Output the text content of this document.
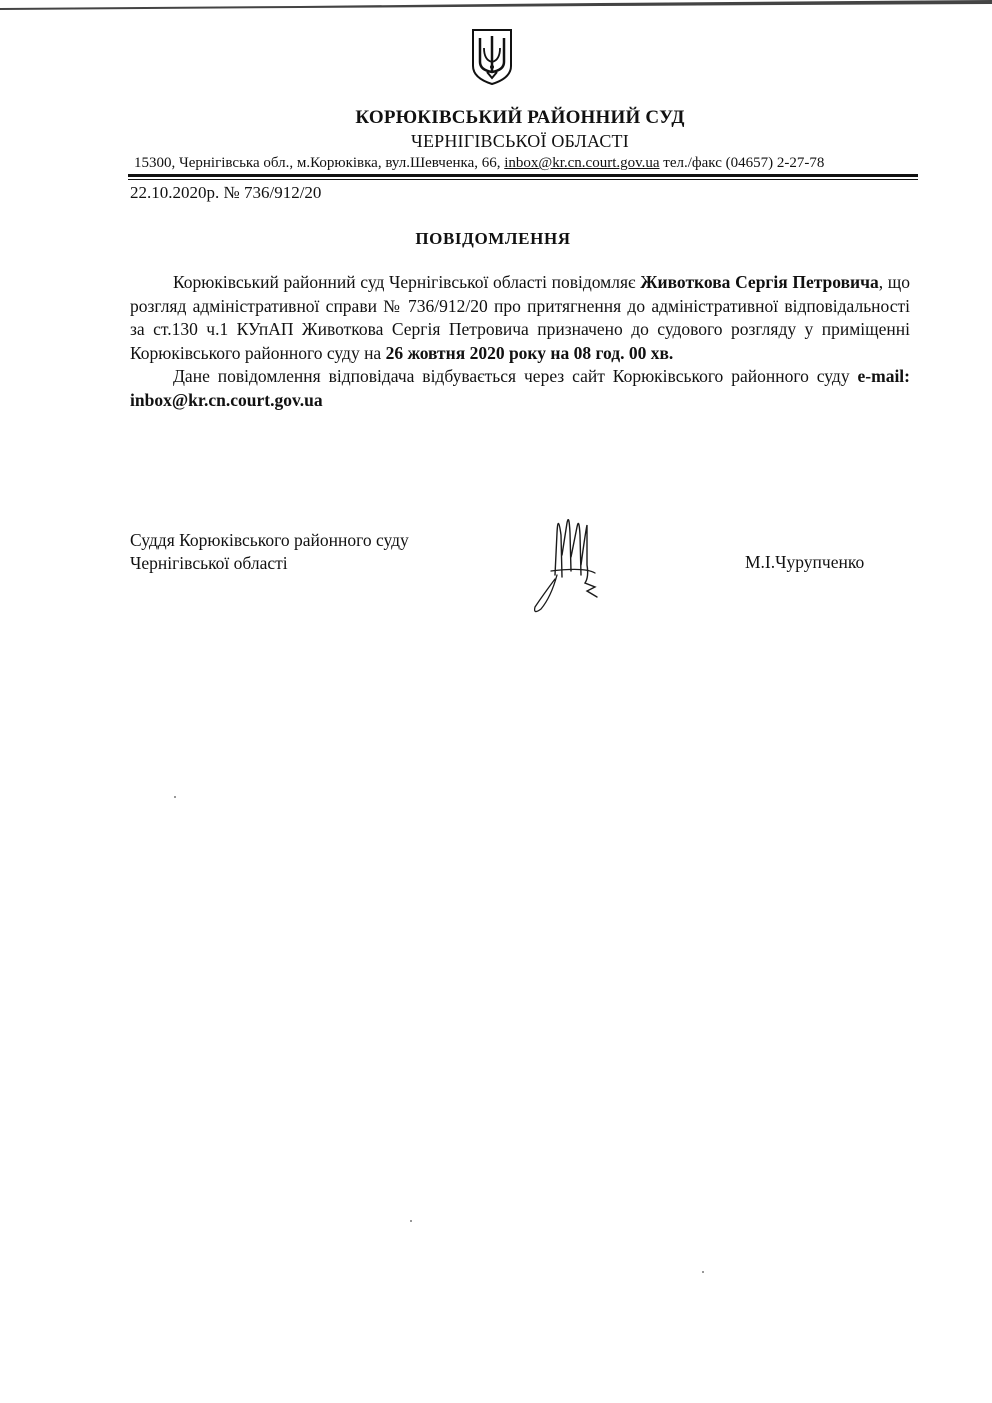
КОРЮКІВСЬКИЙ РАЙОННИЙ СУД
ЧЕРНІГІВСЬКОЇ ОБЛАСТІ
15300, Чернігівська обл., м.Корюківка, вул.Шевченка, 66, inbox@kr.cn.court.gov.ua тел./факс (04657) 2-27-78
22.10.2020р. № 736/912/20
ПОВІДОМЛЕННЯ

Корюківський районний суд Чернігівської області повідомляє Животкова Сергія Петровича, що розгляд адміністративної справи № 736/912/20 про притягнення до адміністративної відповідальності за ст.130 ч.1 КУпАП Животкова Сергія Петровича призначено до судового розгляду у приміщенні Корюківського районного суду на 26 жовтня 2020 року на 08 год. 00 хв.

Дане повідомлення відповідача відбувається через сайт Корюківського районного суду e-mail: inbox@kr.cn.court.gov.ua

Суддя Корюківського районного суду
Чернігівської області	М.І.Чурупченко
